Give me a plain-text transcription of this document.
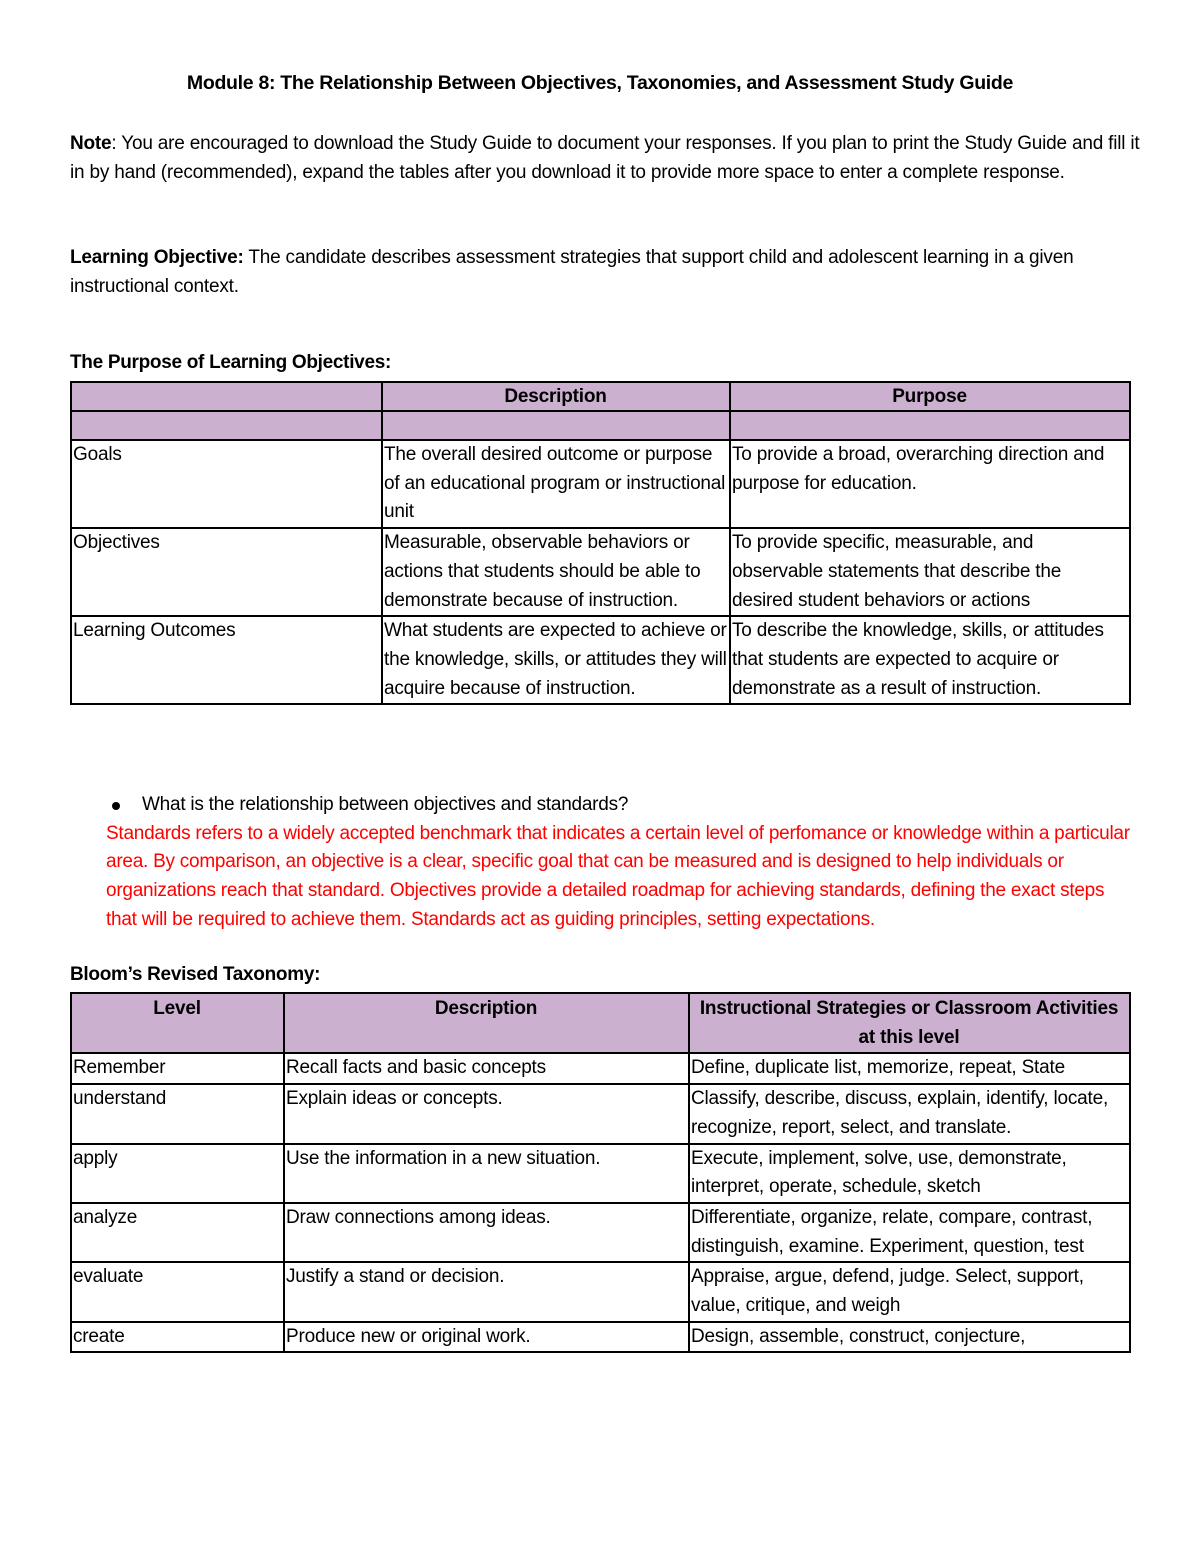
Module 8: The Relationship Between Objectives, Taxonomies, and Assessment Study Guide
Note: You are encouraged to download the Study Guide to document your responses. If you plan to print the Study Guide and fill it in by hand (recommended), expand the tables after you download it to provide more space to enter a complete response.
Learning Objective: The candidate describes assessment strategies that support child and adolescent learning in a given instructional context.
The Purpose of Learning Objectives:
	Description	Purpose

Goals	The overall desired outcome or purpose of an educational program or instructional unit	To provide a broad, overarching direction and purpose for education.
Objectives	Measurable, observable behaviors or actions that students should be able to demonstrate because of instruction.	To provide specific, measurable, and observable statements that describe the desired student behaviors or actions
Learning Outcomes	What students are expected to achieve or the knowledge, skills, or attitudes they will acquire because of instruction.	To describe the knowledge, skills, or attitudes that students are expected to acquire or demonstrate as a result of instruction.
What is the relationship between objectives and standards?
Standards refers to a widely accepted benchmark that indicates a certain level of perfomance or knowledge within a particular area. By comparison, an objective is a clear, specific goal that can be measured and is designed to help individuals or organizations reach that standard. Objectives provide a detailed roadmap for achieving standards, defining the exact steps that will be required to achieve them. Standards act as guiding principles, setting expectations.
Bloom’s Revised Taxonomy:
Level	Description	Instructional Strategies or Classroom Activities at this level
Remember	Recall facts and basic concepts	Define, duplicate list, memorize, repeat, State
understand	Explain ideas or concepts.	Classify, describe, discuss, explain, identify, locate, recognize, report, select, and translate.
apply	Use the information in a new situation.	Execute, implement, solve, use, demonstrate, interpret, operate, schedule, sketch
analyze	Draw connections among ideas.	Differentiate, organize, relate, compare, contrast, distinguish, examine. Experiment, question, test
evaluate	Justify a stand or decision.	Appraise, argue, defend, judge. Select, support, value, critique, and weigh
create	Produce new or original work.	Design, assemble, construct, conjecture,
